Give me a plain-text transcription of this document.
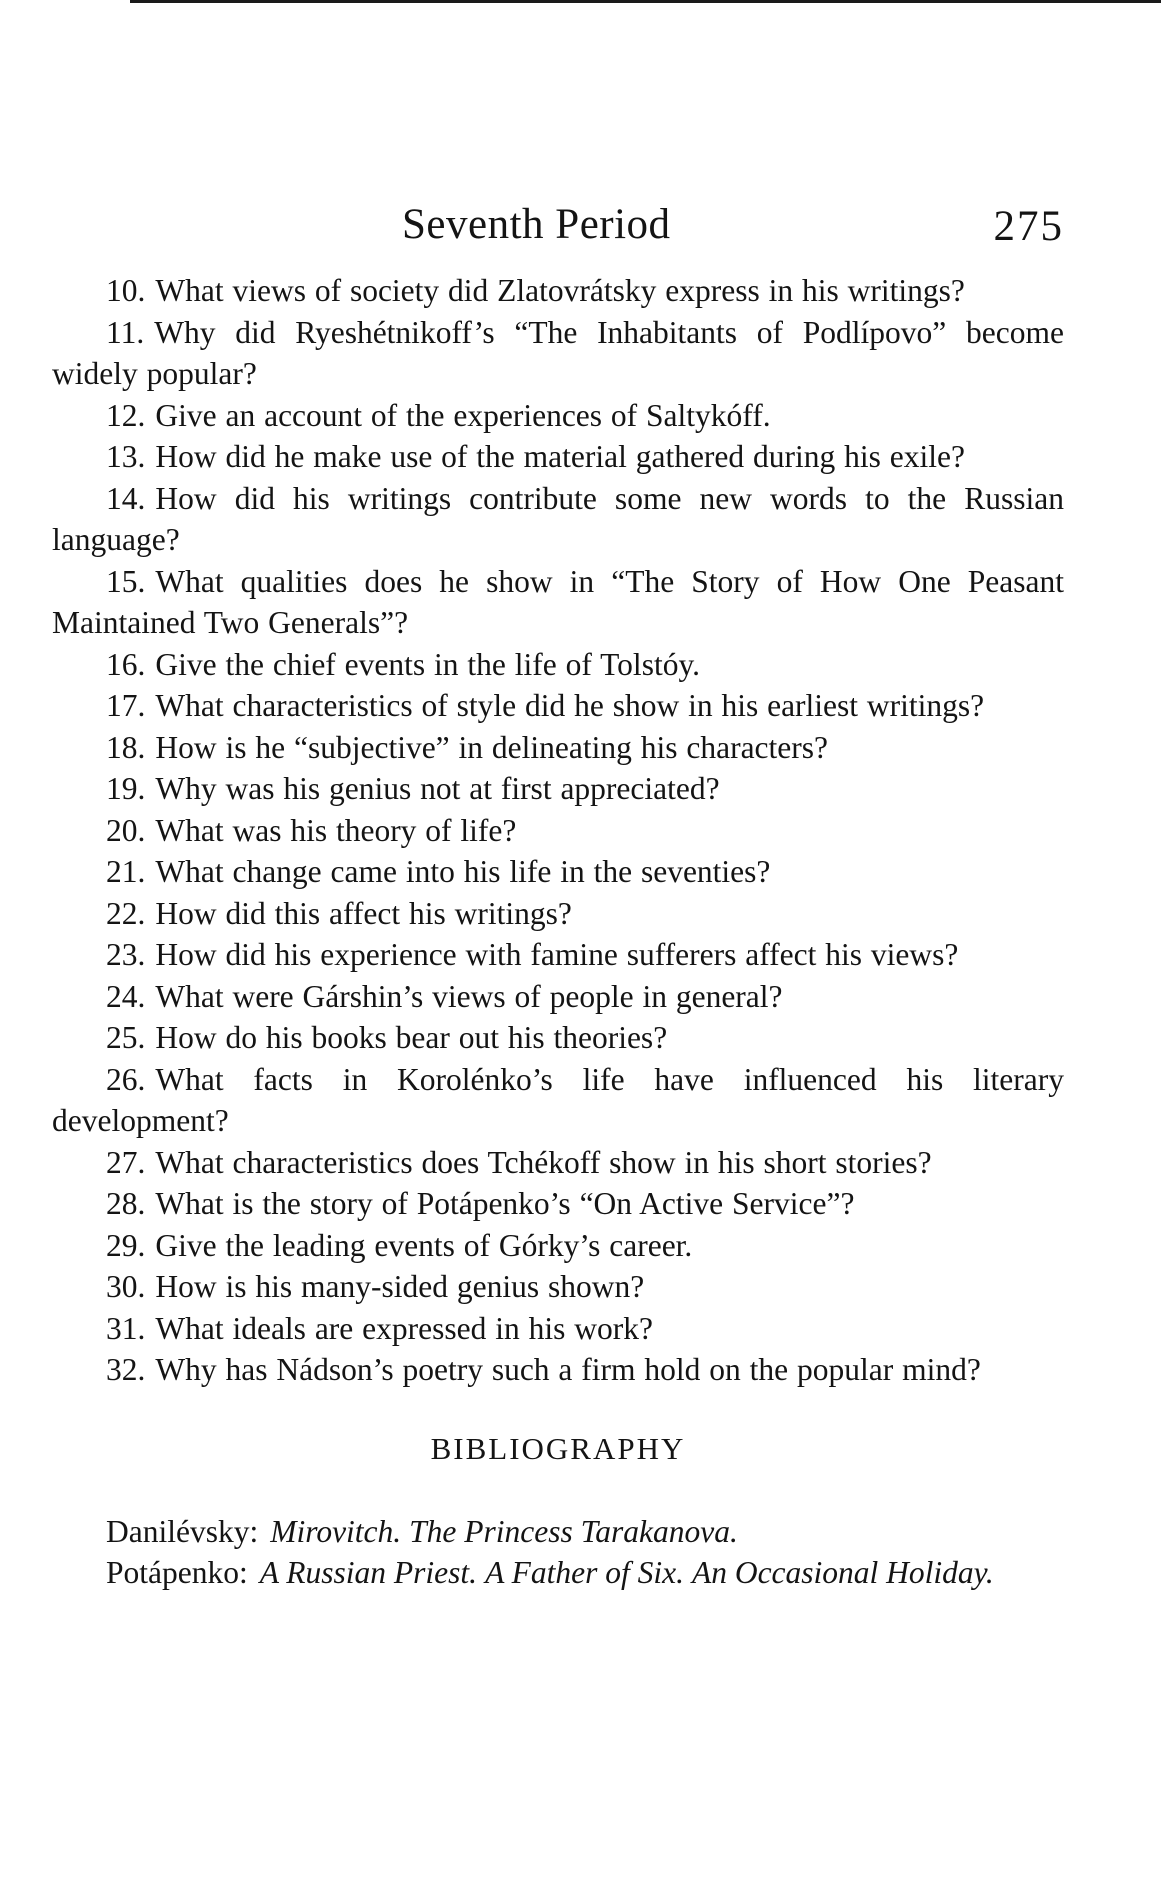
Seventh Period	275
10. What views of society did Zlatovrátsky express in his writings?
11. Why did Ryeshétnikoff’s “The Inhabitants of Podlípovo” become widely popular?
12. Give an account of the experiences of Saltykóff.
13. How did he make use of the material gathered during his exile?
14. How did his writings contribute some new words to the Russian language?
15. What qualities does he show in “The Story of How One Peasant Maintained Two Generals”?
16. Give the chief events in the life of Tolstóy.
17. What characteristics of style did he show in his earliest writings?
18. How is he “subjective” in delineating his characters?
19. Why was his genius not at first appreciated?
20. What was his theory of life?
21. What change came into his life in the seventies?
22. How did this affect his writings?
23. How did his experience with famine sufferers affect his views?
24. What were Gárshin’s views of people in general?
25. How do his books bear out his theories?
26. What facts in Korolénko’s life have influenced his literary development?
27. What characteristics does Tchékoff show in his short stories?
28. What is the story of Potápenko’s “On Active Service”?
29. Give the leading events of Górky’s career.
30. How is his many-sided genius shown?
31. What ideals are expressed in his work?
32. Why has Nádson’s poetry such a firm hold on the popular mind?
BIBLIOGRAPHY

Danilévsky: Mirovitch. The Princess Tarakanova.

Potápenko: A Russian Priest. A Father of Six. An Occasional Holiday.
